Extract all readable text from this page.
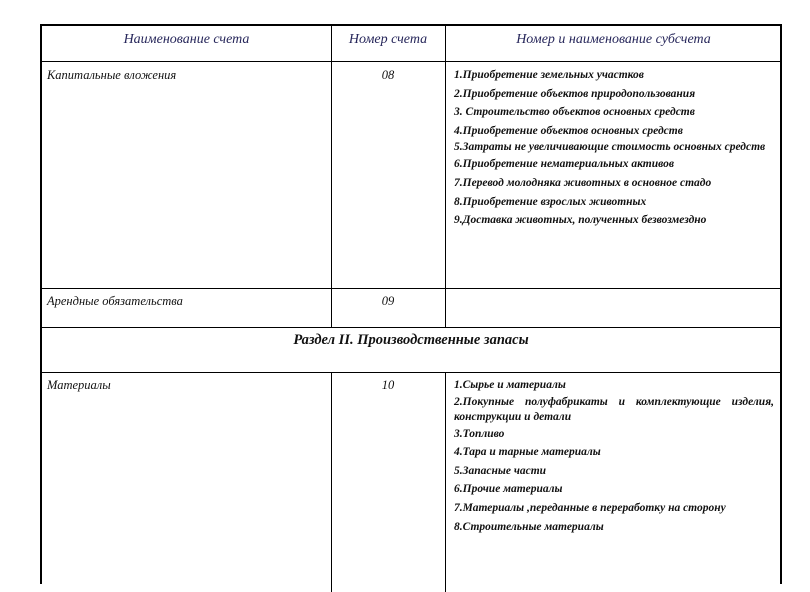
Наименование счета	Номер счета	Номер и наименование субсчета
Капитальные вложения	08	1.Приобретение земельных участков
2.Приобретение объектов природопользования
3. Строительство объектов основных средств
4.Приобретение объектов основных средств
5.Затраты не увеличивающие стоимость основных средств
6.Приобретение нематериальных активов
7.Перевод молодняка животных в основное стадо
8.Приобретение взрослых животных
9.Доставка животных, полученных безвозмездно
Арендные обязательства	09
Раздел II. Производственные запасы
Материалы	10	1.Сырье и материалы
2.Покупные полуфабрикаты и комплектующие изделия, конструкции и детали
3.Топливо
4.Тара и тарные материалы
5.Запасные части
6.Прочие материалы
7.Материалы ,переданные в переработку на сторону
8.Строительные материалы
